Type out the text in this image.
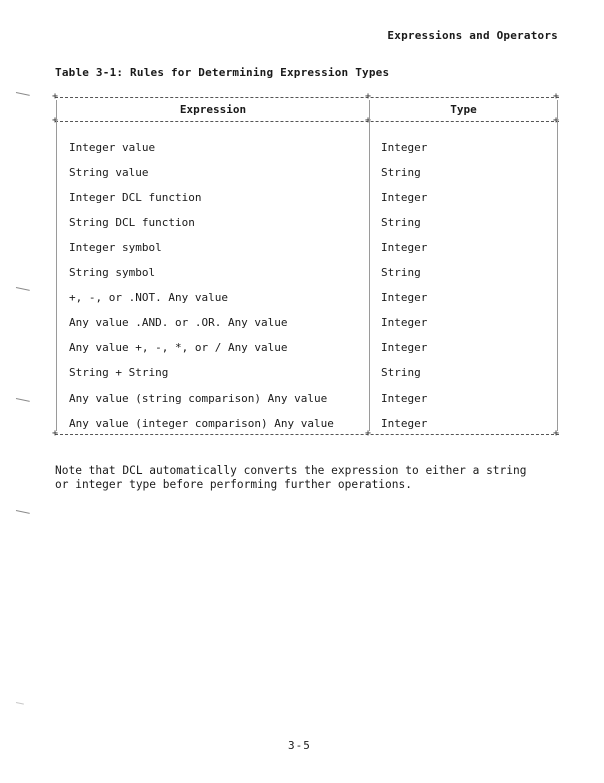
Expressions and Operators
Table 3-1: Rules for Determining Expression Types
+	+	+
+	+	+
+	+	+
Expression	Type
Integer value	Integer
String value	String
Integer DCL function	Integer
String DCL function	String
Integer symbol	Integer
String symbol	String
+, -, or .NOT. Any value	Integer
Any value .AND. or .OR. Any value	Integer
Any value +, -, *, or / Any value	Integer
String + String	String
Any value (string comparison) Any value	Integer
Any value (integer comparison) Any value	Integer
Note that DCL automatically converts the expression to either a string
or integer type before performing further operations.
3-5
